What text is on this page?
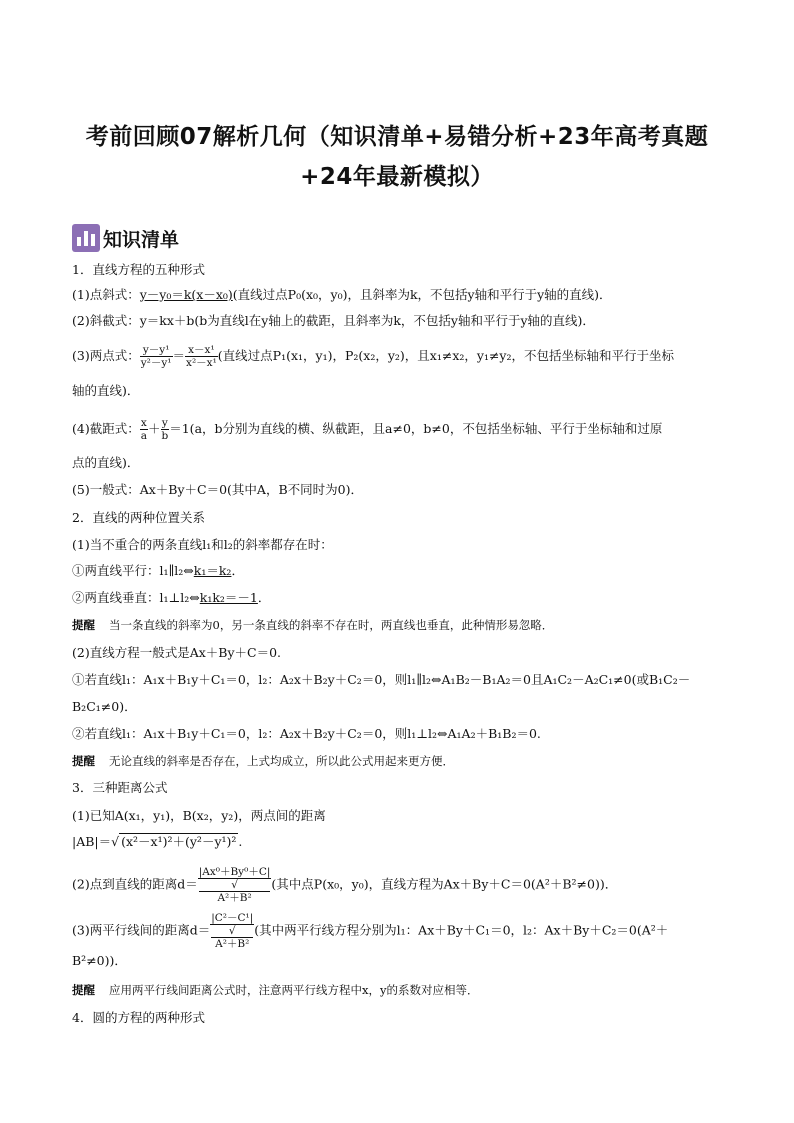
考前回顾07解析几何（知识清单+易错分析+23年高考真题
+24年最新模拟）
知识清单
1．直线方程的五种形式
(1)点斜式：y－y₀＝k(x－x₀)(直线过点P₀(x₀，y₀)，且斜率为k，不包括y轴和平行于y轴的直线)．
(2)斜截式：y＝kx＋b(b为直线l在y轴上的截距，且斜率为k，不包括y轴和平行于y轴的直线)．
(3)两点式： $\frac{\text{y－y¹}}{\text{y²－y¹}} = \frac{\text{x－x¹}}{\text{x²－x¹}}$ (直线过点P₁(x₁，y₁)，P₂(x₂，y₂)，且x₁≠x₂，y₁≠y₂，不包括坐标轴和平行于坐标
轴的直线)．
(4)截距式： $\frac{x}{a} + \frac{y}{b} =1(a$，b分别为直线的横、纵截距，且a≠0，b≠0，不包括坐标轴、平行于坐标轴和过原
点的直线)．
(5)一般式：Ax＋By＋C＝0(其中A，B不同时为0)．
2．直线的两种位置关系
(1)当不重合的两条直线l₁和l₂的斜率都存在时：
①两直线平行：l₁∥l₂⇔k₁＝k₂．
②两直线垂直：l₁⊥l₂⇔k₁k₂＝－1．
提醒 当一条直线的斜率为0，另一条直线的斜率不存在时，两直线也垂直，此种情形易忽略．
(2)直线方程一般式是Ax＋By＋C＝0.
①若直线l₁：A₁x＋B₁y＋C₁＝0，l₂：A₂x＋B₂y＋C₂＝0，则l₁∥l₂⇔A₁B₂－B₁A₂＝0且A₁C₂－A₂C₁≠0(或B₁C₂－
B₂C₁≠0)．
②若直线l₁：A₁x＋B₁y＋C₁＝0，l₂：A₂x＋B₂y＋C₂＝0，则l₁⊥l₂⇔A₁A₂＋B₁B₂＝0.
提醒 无论直线的斜率是否存在，上式均成立，所以此公式用起来更方便．
3．三种距离公式
(1)已知A(x₁，y₁)，B(x₂，y₂)，两点间的距离
|AB|＝√ (x²－x¹)²＋(y²－y¹)² .
(2)点到直线的距离d＝ |Ax⁰＋By⁰＋C|
√
A²＋B² (其中点P(x₀，y₀)，直线方程为Ax＋By＋C＝0(A²＋B²≠0))．
(3)两平行线间的距离d＝ |C²－C¹|
√
A²＋B² (其中两平行线方程分别为l₁：Ax＋By＋C₁＝0，l₂：Ax＋By＋C₂＝0(A²＋
B²≠0))．
提醒 应用两平行线间距离公式时，注意两平行线方程中x，y的系数对应相等．
4．圆的方程的两种形式
